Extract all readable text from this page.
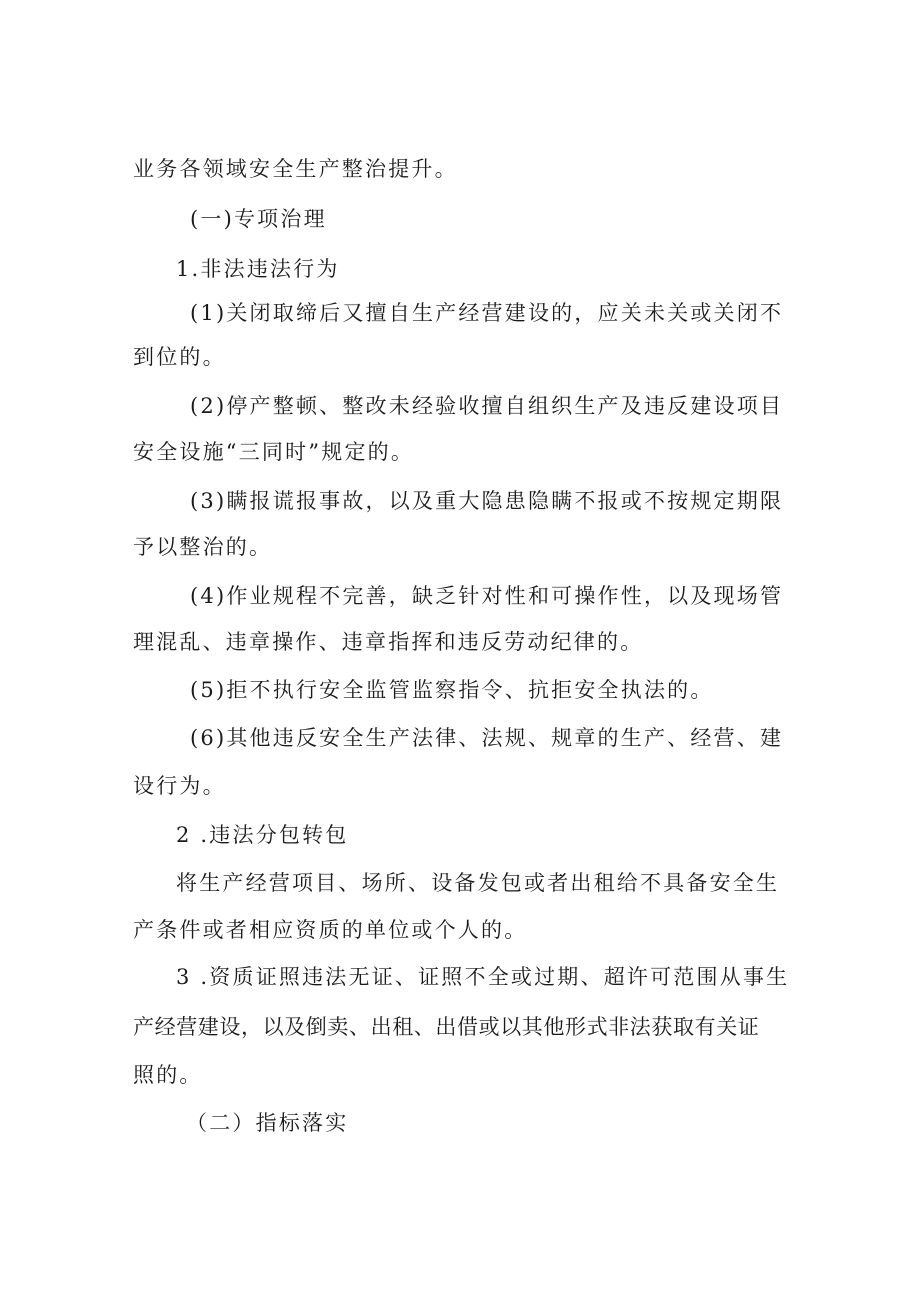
业务各领域安全生产整治提升。

(一)专项治理

1.非法违法行为

(1)关闭取缔后又擅自生产经营建设的，应关未关或关闭不

到位的。

(2)停产整顿、整改未经验收擅自组织生产及违反建设项目

安全设施“三同时”规定的。

(3)瞒报谎报事故，以及重大隐患隐瞒不报或不按规定期限

予以整治的。

(4)作业规程不完善，缺乏针对性和可操作性，以及现场管

理混乱、违章操作、违章指挥和违反劳动纪律的。

(5)拒不执行安全监管监察指令、抗拒安全执法的。

(6)其他违反安全生产法律、法规、规章的生产、经营、建

设行为。

2 .违法分包转包

将生产经营项目、场所、设备发包或者出租给不具备安全生

产条件或者相应资质的单位或个人的。

3 .资质证照违法无证、证照不全或过期、超许可范围从事生

产经营建设，以及倒卖、出租、出借或以其他形式非法获取有关证

照的。

（二）指标落实
